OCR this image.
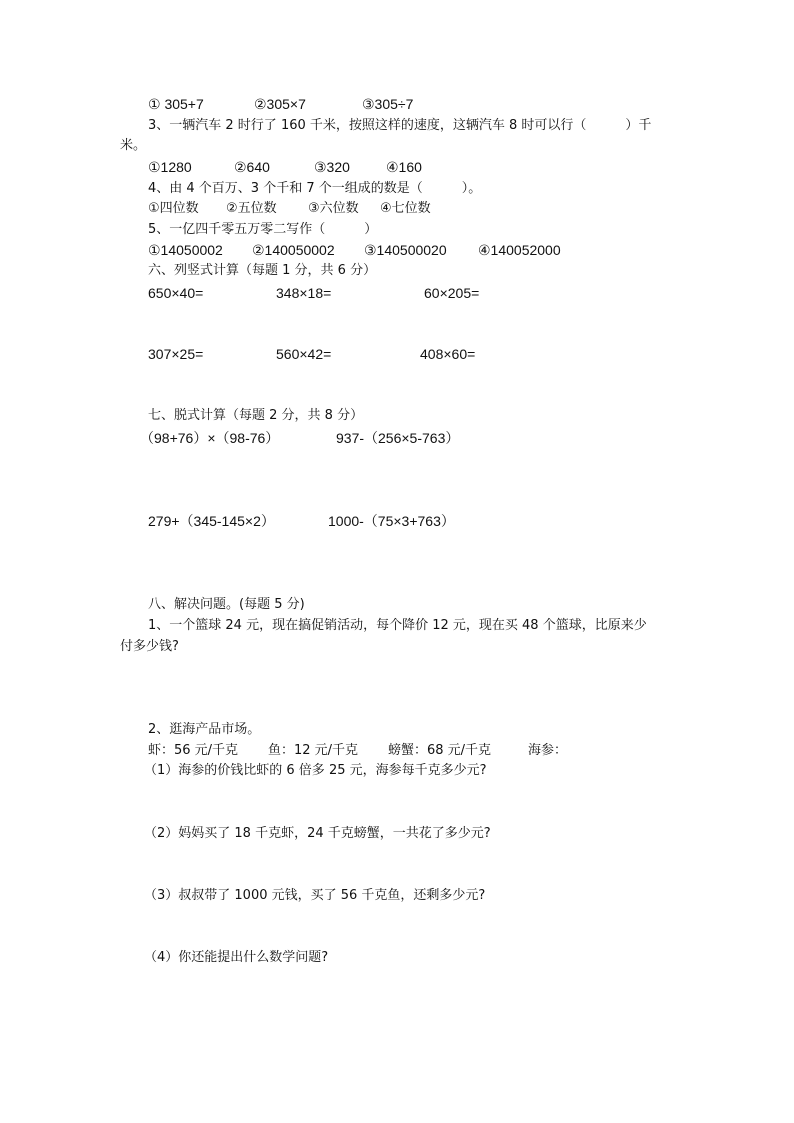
① 305+7	②305×7	③305÷7
3、一辆汽车 2 时行了 160 千米，按照这样的速度，这辆汽车 8 时可以行（　　　）千
米。
①1280	②640	③320	④160
4、由 4 个百万、3 个千和 7 个一组成的数是（　　　）。
①四位数 ②五位数 ③六位数 ④七位数
5、一亿四千零五万零二写作（　　　）
①14050002 ②140050002 ③140500020 ④140052000
六、列竖式计算（每题 1 分，共 6 分）
650×40=	348×18=	60×205=
307×25=	560×42=	408×60=
七、脱式计算（每题 2 分，共 8 分）
（98+76）×（98-76）	937-（256×5-763）
279+（345-145×2）	1000-（75×3+763）
八、解决问题。(每题 5 分)
1、一个篮球 24 元，现在搞促销活动，每个降价 12 元，现在买 48 个篮球，比原来少
付多少钱?
2、逛海产品市场。
虾：56 元/千克 鱼：12 元/千克 螃蟹：68 元/千克	海参：
（1）海参的价钱比虾的 6 倍多 25 元，海参每千克多少元?
（2）妈妈买了 18 千克虾，24 千克螃蟹，一共花了多少元?
（3）叔叔带了 1000 元钱，买了 56 千克鱼，还剩多少元?
（4）你还能提出什么数学问题?
